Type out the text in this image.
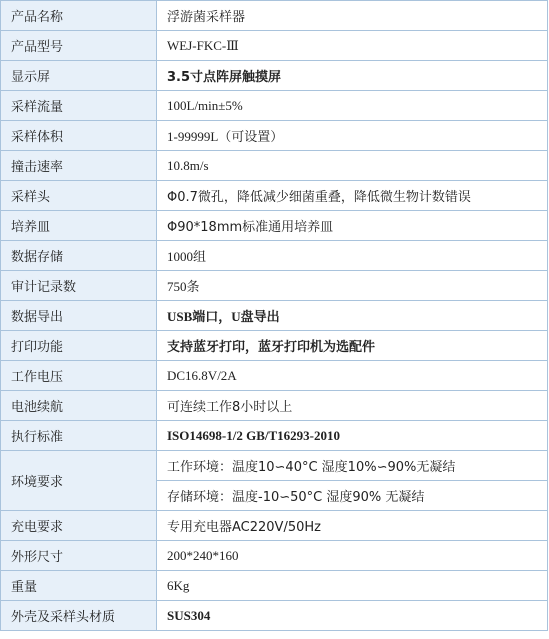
产品名称	浮游菌采样器
产品型号	WEJ-FKC-Ⅲ
显示屏	3.5寸点阵屏触摸屏
采样流量	100L/min±5%
采样体积	1-99999L（可设置）
撞击速率	10.8m/s
采样头	Φ0.7微孔，降低减少细菌重叠，降低微生物计数错误
培养皿	Φ90*18mm标准通用培养皿
数据存储	1000组
审计记录数	750条
数据导出	USB端口，U盘导出
打印功能	支持蓝牙打印，蓝牙打印机为选配件
工作电压	DC16.8V/2A
电池续航	可连续工作8小时以上
执行标准	ISO14698-1/2 GB/T16293-2010
环境要求	工作环境：温度10∽40°C 湿度10%∽90%无凝结
	存储环境：温度-10∽50°C 湿度90% 无凝结
充电要求	专用充电器AC220V/50Hz
外形尺寸	200*240*160
重量	6Kg
外壳及采样头材质	SUS304
